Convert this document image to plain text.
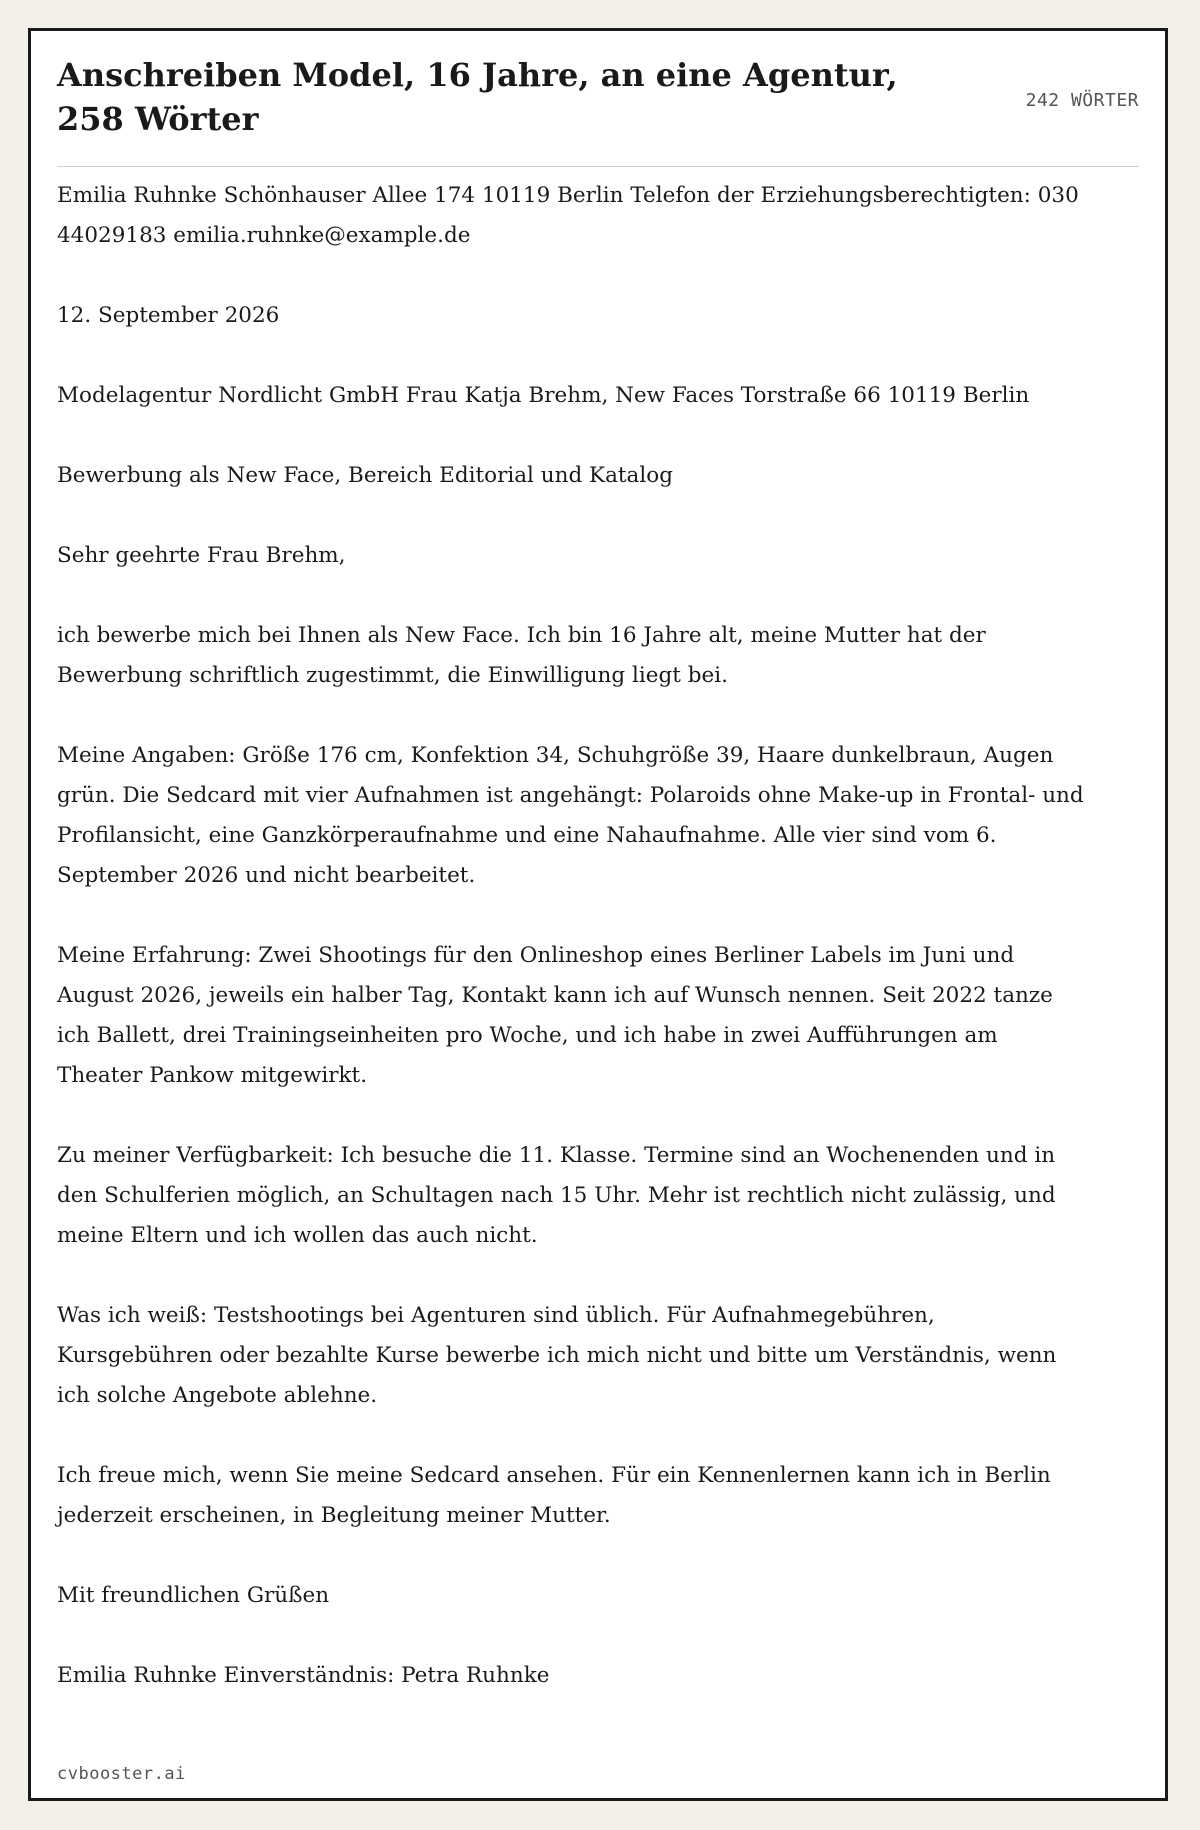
Anschreiben Model, 16 Jahre, an eine Agentur, 258 Wörter	242 WÖRTER

Emilia Ruhnke Schönhauser Allee 174 10119 Berlin Telefon der Erziehungsberechtigten: 030 44029183 emilia.ruhnke@example.de

12. September 2026

Modelagentur Nordlicht GmbH Frau Katja Brehm, New Faces Torstraße 66 10119 Berlin

Bewerbung als New Face, Bereich Editorial und Katalog

Sehr geehrte Frau Brehm,

ich bewerbe mich bei Ihnen als New Face. Ich bin 16 Jahre alt, meine Mutter hat der Bewerbung schriftlich zugestimmt, die Einwilligung liegt bei.

Meine Angaben: Größe 176 cm, Konfektion 34, Schuhgröße 39, Haare dunkelbraun, Augen grün. Die Sedcard mit vier Aufnahmen ist angehängt: Polaroids ohne Make-up in Frontal- und Profilansicht, eine Ganzkörperaufnahme und eine Nahaufnahme. Alle vier sind vom 6. September 2026 und nicht bearbeitet.

Meine Erfahrung: Zwei Shootings für den Onlineshop eines Berliner Labels im Juni und August 2026, jeweils ein halber Tag, Kontakt kann ich auf Wunsch nennen. Seit 2022 tanze ich Ballett, drei Trainingseinheiten pro Woche, und ich habe in zwei Aufführungen am Theater Pankow mitgewirkt.

Zu meiner Verfügbarkeit: Ich besuche die 11. Klasse. Termine sind an Wochenenden und in den Schulferien möglich, an Schultagen nach 15 Uhr. Mehr ist rechtlich nicht zulässig, und meine Eltern und ich wollen das auch nicht.

Was ich weiß: Testshootings bei Agenturen sind üblich. Für Aufnahmegebühren, Kursgebühren oder bezahlte Kurse bewerbe ich mich nicht und bitte um Verständnis, wenn ich solche Angebote ablehne.

Ich freue mich, wenn Sie meine Sedcard ansehen. Für ein Kennenlernen kann ich in Berlin jederzeit erscheinen, in Begleitung meiner Mutter.

Mit freundlichen Grüßen

Emilia Ruhnke Einverständnis: Petra Ruhnke

cvbooster.ai
